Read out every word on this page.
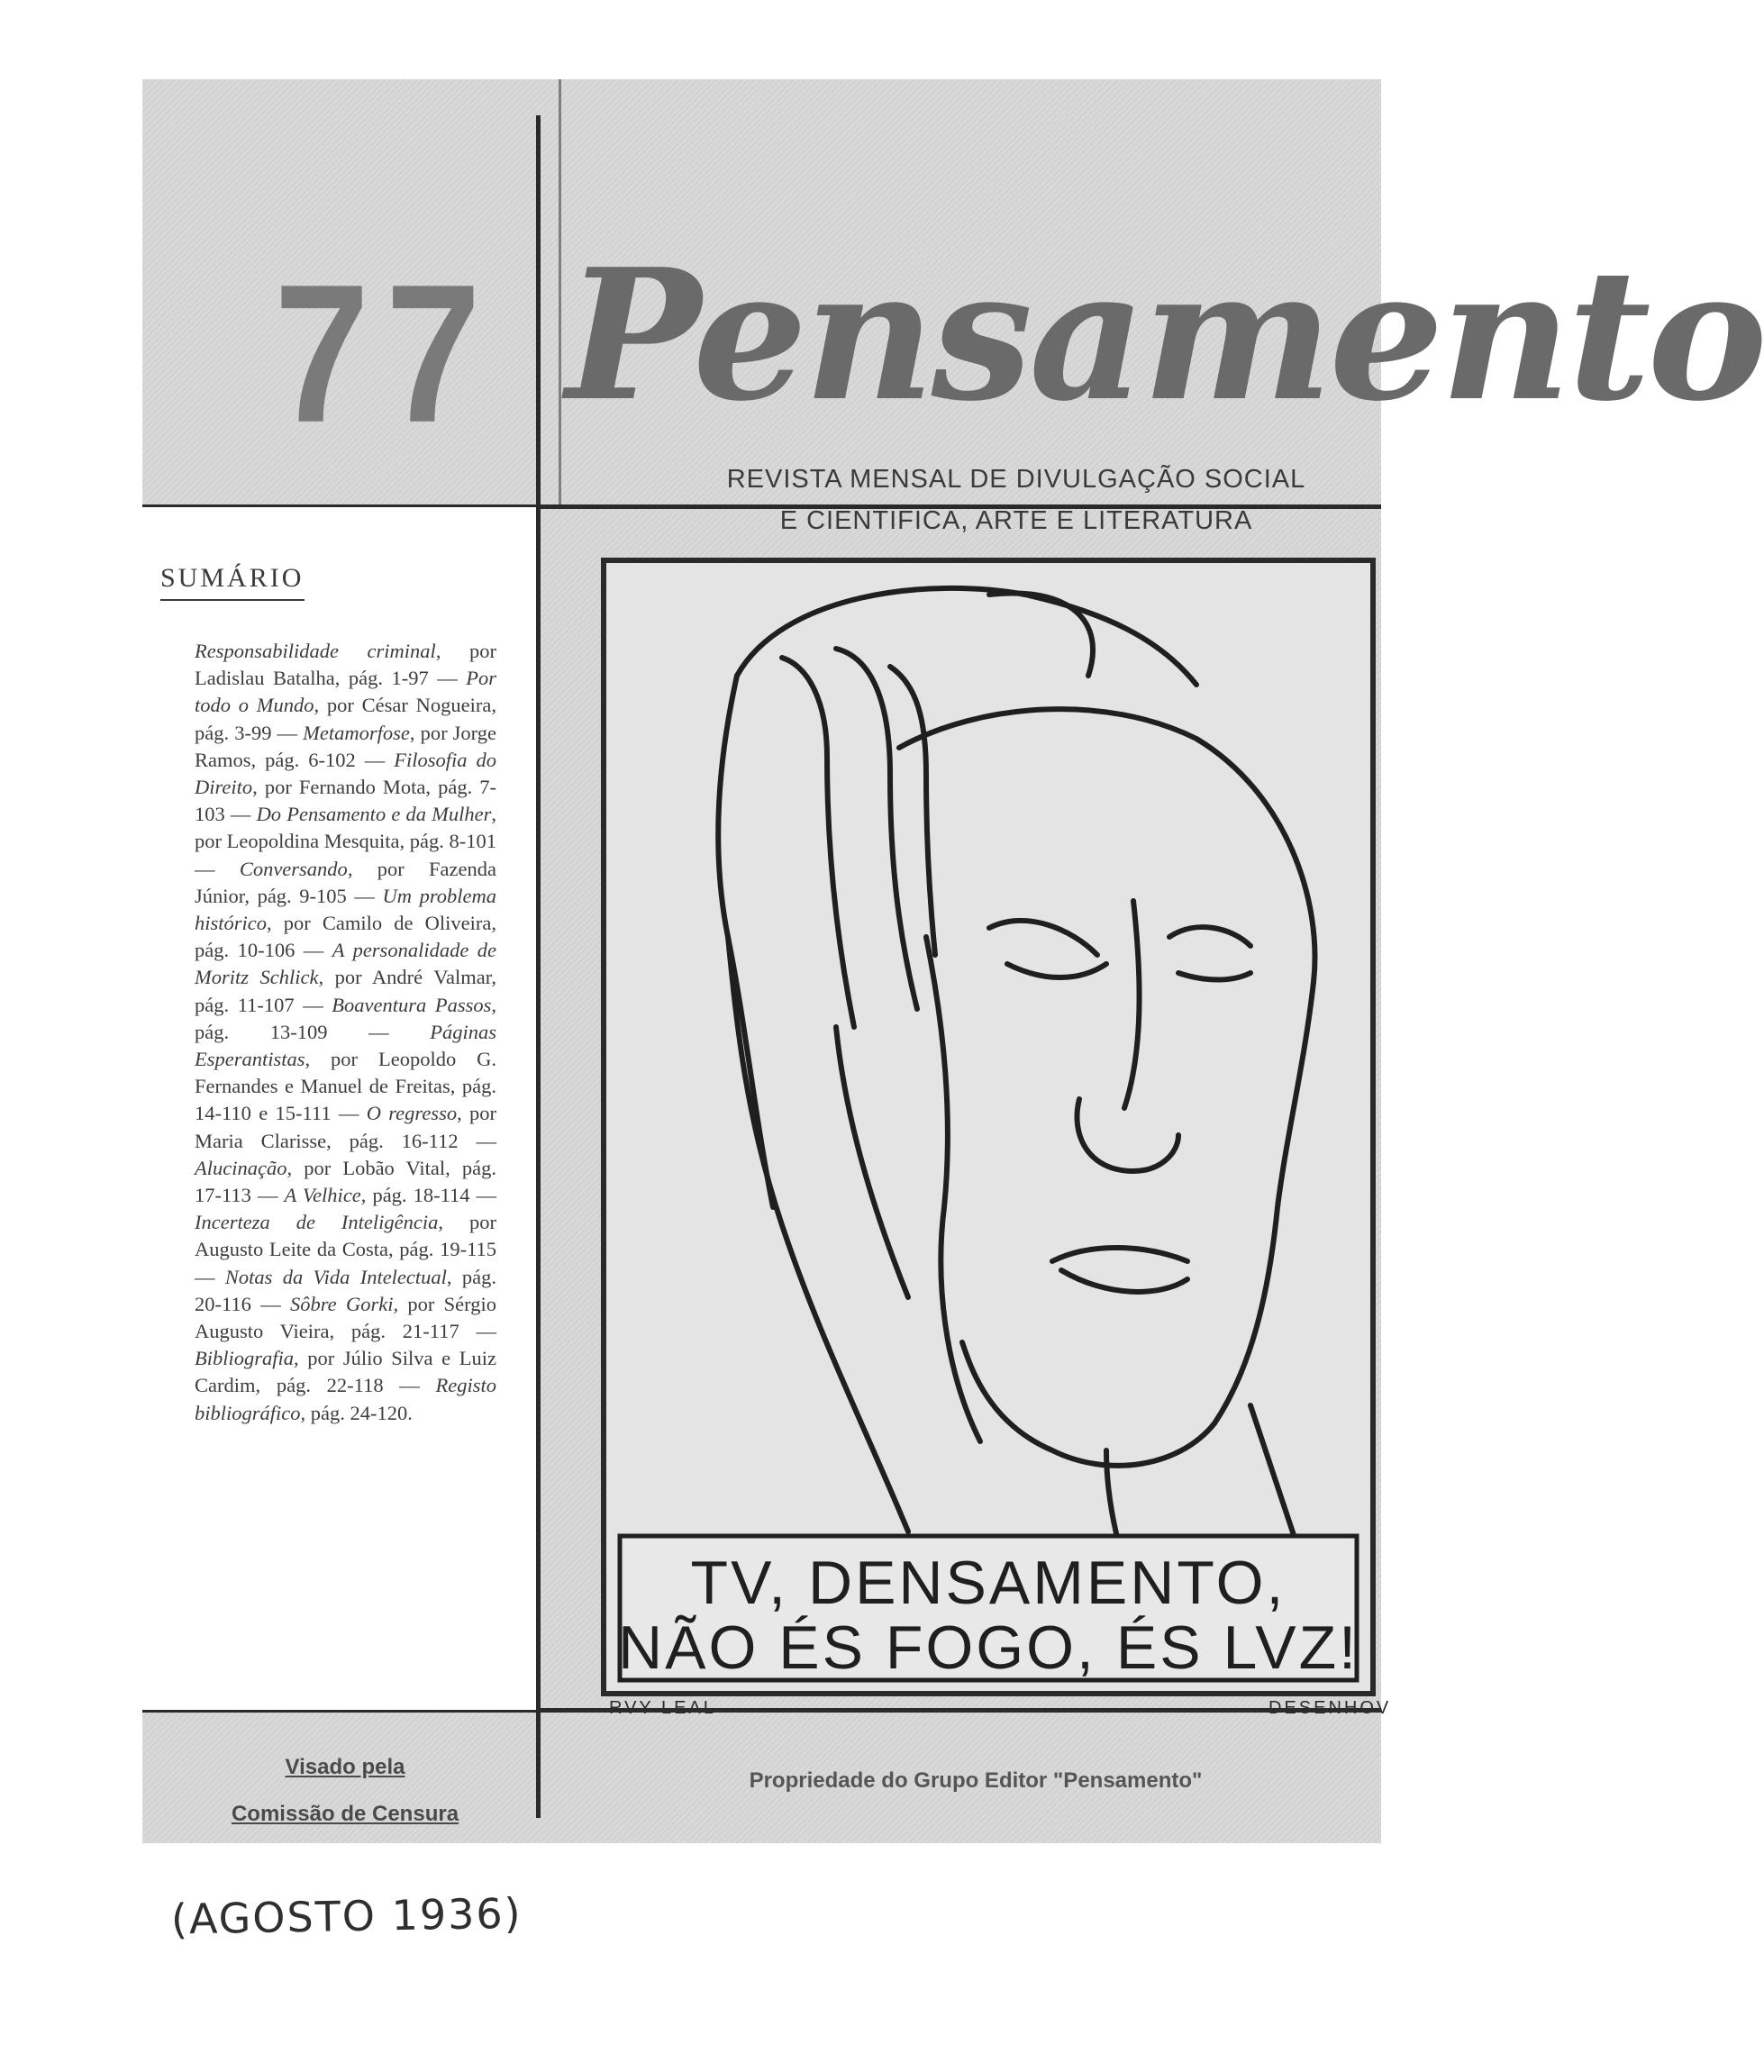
77 Pensamento
REVISTA MENSAL DE DIVULGAÇÃO SOCIAL
E CIENTIFICA, ARTE E LITERATURA
SUMÁRIO
Responsabilidade criminal, por Ladislau Batalha, pág. 1-97 — Por todo o Mundo, por César Nogueira, pág. 3-99 — Metamorfose, por Jorge Ramos, pág. 6-102 — Filosofia do Direito, por Fernando Mota, pág. 7-103 — Do Pensamento e da Mulher, por Leopoldina Mesquita, pág. 8-101 — Conversando, por Fazenda Júnior, pág. 9-105 — Um problema histórico, por Camilo de Oliveira, pág. 10-106 — A personalidade de Moritz Schlick, por André Valmar, pág. 11-107 — Boaventura Passos, pág. 13-109 — Páginas Esperantistas, por Leopoldo G. Fernandes e Manuel de Freitas, pág. 14-110 e 15-111 — O regresso, por Maria Clarisse, pág. 16-112 — Alucinação, por Lobão Vital, pág. 17-113 — A Velhice, pág. 18-114 — Incerteza de Inteligência, por Augusto Leite da Costa, pág. 19-115 — Notas da Vida Intelectual, pág. 20-116 — Sôbre Gorki, por Sérgio Augusto Vieira, pág. 21-117 — Bibliografia, por Júlio Silva e Luiz Cardim, pág. 22-118 — Registo bibliográfico, pág. 24-120.
TV, DENSAMENTO,
NÃO ÉS FOGO, ÉS LVZ!
RVY LEAL	DESENHOV
Visado pela
Comissão de Censura
Propriedade do Grupo Editor "Pensamento"
(AGOSTO 1936)
